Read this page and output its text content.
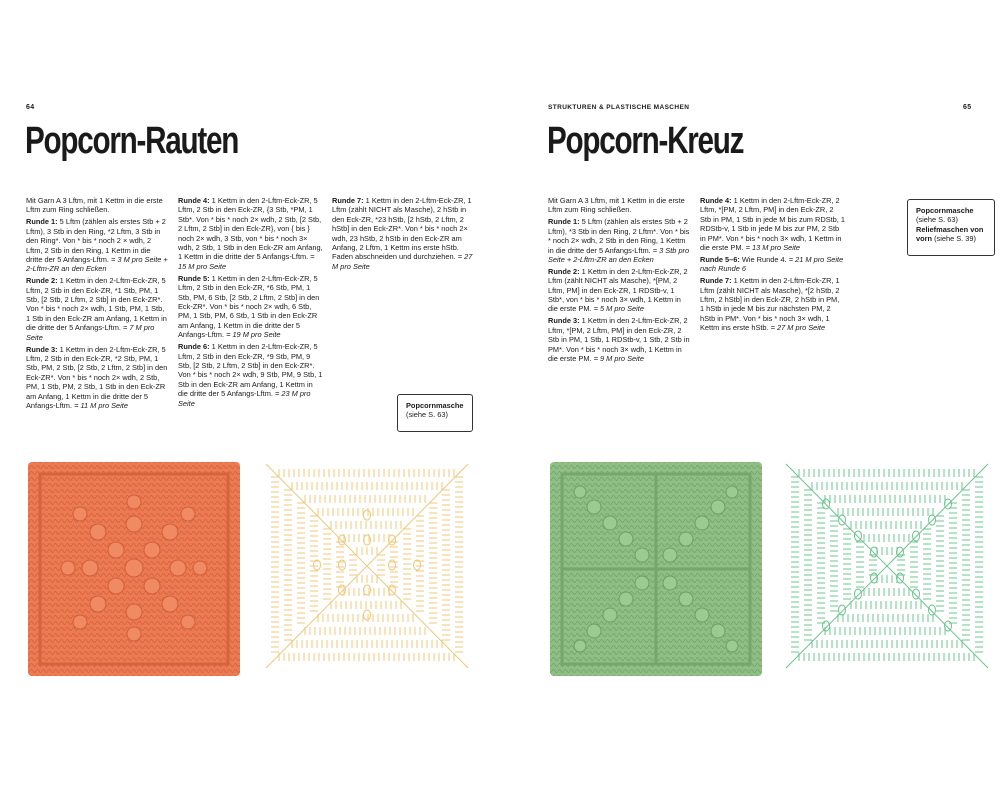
64
Popcorn-Rauten

Mit Garn A 3 Lftm, mit 1 Kettm in die erste Lftm zum Ring schließen.

Runde 1: 5 Lftm (zählen als erstes Stb + 2 Lftm), 3 Stb in den Ring, *2 Lftm, 3 Stb in den Ring*. Von * bis * noch 2 × wdh, 2 Lftm, 2 Stb in den Ring, 1 Kettm in die dritte der 5 Anfangs-Lftm. = 3 M pro Seite + 2-Lftm-ZR an den Ecken

Runde 2: 1 Kettm in den 2-Lftm-Eck-ZR, 5 Lftm, 2 Stb in den Eck-ZR, *1 Stb, PM, 1 Stb, [2 Stb, 2 Lftm, 2 Stb] in den Eck-ZR*. Von * bis * noch 2× wdh, 1 Stb, PM, 1 Stb, 1 Stb in den Eck-ZR am Anfang, 1 Kettm in die dritte der 5 Anfangs-Lftm. = 7 M pro Seite

Runde 3: 1 Kettm in den 2-Lftm-Eck-ZR, 5 Lftm, 2 Stb in den Eck-ZR, *2 Stb, PM, 1 Stb, PM, 2 Stb, [2 Stb, 2 Lftm, 2 Stb] in den Eck-ZR*. Von * bis * noch 2× wdh, 2 Stb, PM, 1 Stb, PM, 2 Stb, 1 Stb in den Eck-ZR am Anfang, 1 Kettm in die dritte der 5 Anfangs-Lftm. = 11 M pro Seite

Runde 4: 1 Kettm in den 2-Lftm-Eck-ZR, 5 Lftm, 2 Stb in den Eck-ZR, {3 Stb, *PM, 1 Stb*. Von * bis * noch 2× wdh, 2 Stb, [2 Stb, 2 Lftm, 2 Stb] in den Eck-ZR}, von { bis } noch 2× wdh, 3 Stb, von * bis * noch 3× wdh, 2 Stb, 1 Stb in den Eck-ZR am Anfang, 1 Kettm in die dritte der 5 Anfangs-Lftm. = 15 M pro Seite

Runde 5: 1 Kettm in den 2-Lftm-Eck-ZR, 5 Lftm, 2 Stb in den Eck-ZR, *6 Stb, PM, 1 Stb, PM, 6 Stb, [2 Stb, 2 Lftm, 2 Stb] in den Eck-ZR*. Von * bis * noch 2× wdh, 6 Stb, PM, 1 Stb, PM, 6 Stb, 1 Stb in den Eck-ZR am Anfang, 1 Kettm in die dritte der 5 Anfangs-Lftm. = 19 M pro Seite

Runde 6: 1 Kettm in den 2-Lftm-Eck-ZR, 5 Lftm, 2 Stb in den Eck-ZR, *9 Stb, PM, 9 Stb, [2 Stb, 2 Lftm, 2 Stb] in den Eck-ZR*. Von * bis * noch 2× wdh, 9 Stb, PM, 9 Stb, 1 Stb in den Eck-ZR am Anfang, 1 Kettm in die dritte der 5 Anfangs-Lftm. = 23 M pro Seite

Runde 7: 1 Kettm in den 2-Lftm-Eck-ZR, 1 Lftm (zählt NICHT als Masche), 2 hStb in den Eck-ZR, *23 hStb, [2 hStb, 2 Lftm, 2 hStb] in den Eck-ZR*. Von * bis * noch 2× wdh, 23 hStb, 2 hStb in den Eck-ZR am Anfang, 2 Lftm, 1 Kettm ins erste hStb. Faden abschneiden und durchziehen. = 27 M pro Seite

Popcornmasche
(siehe S. 63)
STRUKTUREN & PLASTISCHE MASCHEN	65
Popcorn-Kreuz

Mit Garn A 3 Lftm, mit 1 Kettm in die erste Lftm zum Ring schließen.

Runde 1: 5 Lftm (zählen als erstes Stb + 2 Lftm), *3 Stb in den Ring, 2 Lftm*. Von * bis * noch 2× wdh, 2 Stb in den Ring, 1 Kettm in die dritte der 5 Anfangs-Lftm. = 3 Stb pro Seite + 2-Lftm-ZR an den Ecken

Runde 2: 1 Kettm in den 2-Lftm-Eck-ZR, 2 Lftm (zählt NICHT als Masche), *[PM, 2 Lftm, PM] in den Eck-ZR, 1 RDStb-v, 1 Stb*, von * bis * noch 3× wdh, 1 Kettm in die erste PM. = 5 M pro Seite

Runde 3: 1 Kettm in den 2-Lftm-Eck-ZR, 2 Lftm, *[PM, 2 Lftm, PM] in den Eck-ZR, 2 Stb in PM, 1 Stb, 1 RDStb-v, 1 Stb, 2 Stb in PM*. Von * bis * noch 3× wdh, 1 Kettm in die erste PM. = 9 M pro Seite

Runde 4: 1 Kettm in den 2-Lftm-Eck-ZR, 2 Lftm, *[PM, 2 Lftm, PM] in den Eck-ZR, 2 Stb in PM, 1 Stb in jede M bis zum RDStb, 1 RDStb-v, 1 Stb in jede M bis zur PM, 2 Stb in PM*. Von * bis * noch 3× wdh, 1 Kettm in die erste PM. = 13 M pro Seite

Runde 5–6: Wie Runde 4. = 21 M pro Seite nach Runde 6

Runde 7: 1 Kettm in den 2-Lftm-Eck-ZR, 1 Lftm (zählt NICHT als Masche), *[2 hStb, 2 Lftm, 2 hStb] in den Eck-ZR, 2 hStb in PM, 1 hStb in jede M bis zur nächsten PM, 2 hStb in PM*. Von * bis * noch 3× wdh, 1 Kettm ins erste hStb. = 27 M pro Seite

Popcornmasche
(siehe S. 63)
Reliefmaschen von vorn (siehe S. 39)
